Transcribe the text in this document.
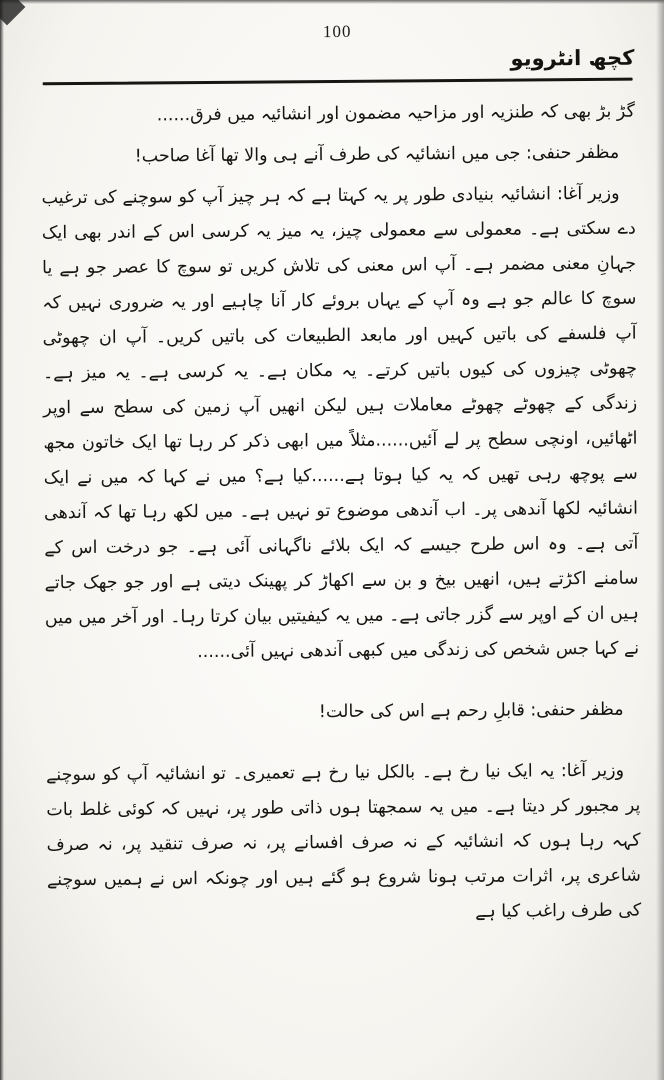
100
کچھ انٹرویو

گڑ بڑ بھی کہ طنزیہ اور مزاحیہ مضمون اور انشائیہ میں فرق......

مظفر حنفی: جی میں انشائیہ کی طرف آنے ہی والا تھا آغا صاحب!

وزیر آغا: انشائیہ بنیادی طور پر یہ کہتا ہے کہ ہر چیز آپ کو سوچنے کی ترغیب دے سکتی ہے۔ معمولی سے معمولی چیز، یہ میز یہ کرسی اس کے اندر بھی ایک جہانِ معنی مضمر ہے۔ آپ اس معنی کی تلاش کریں تو سوچ کا عصر جو ہے یا سوچ کا عالم جو ہے وہ آپ کے یہاں بروئے کار آنا چاہیے اور یہ ضروری نہیں کہ آپ فلسفے کی باتیں کہیں اور مابعد الطبیعات کی باتیں کریں۔ آپ ان چھوٹی چھوٹی چیزوں کی کیوں باتیں کرتے۔ یہ مکان ہے۔ یہ کرسی ہے۔ یہ میز ہے۔ زندگی کے چھوٹے چھوٹے معاملات ہیں لیکن انھیں آپ زمین کی سطح سے اوپر اٹھائیں، اونچی سطح پر لے آئیں......مثلاً میں ابھی ذکر کر رہا تھا ایک خاتون مجھ سے پوچھ رہی تھیں کہ یہ کیا ہوتا ہے......کیا ہے؟ میں نے کہا کہ میں نے ایک انشائیہ لکھا آندھی پر۔ اب آندھی موضوع تو نہیں ہے۔ میں لکھ رہا تھا کہ آندھی آتی ہے۔ وہ اس طرح جیسے کہ ایک بلائے ناگہانی آئی ہے۔ جو درخت اس کے سامنے اکڑتے ہیں، انھیں بیخ و بن سے اکھاڑ کر پھینک دیتی ہے اور جو جھک جاتے ہیں ان کے اوپر سے گزر جاتی ہے۔ میں یہ کیفیتیں بیان کرتا رہا۔ اور آخر میں میں نے کہا جس شخص کی زندگی میں کبھی آندھی نہیں آئی......

مظفر حنفی: قابلِ رحم ہے اس کی حالت!

وزیر آغا: یہ ایک نیا رخ ہے۔ بالکل نیا رخ ہے تعمیری۔ تو انشائیہ آپ کو سوچنے پر مجبور کر دیتا ہے۔ میں یہ سمجھتا ہوں ذاتی طور پر، نہیں کہ کوئی غلط بات کہہ رہا ہوں کہ انشائیہ کے نہ صرف افسانے پر، نہ صرف تنقید پر، نہ صرف شاعری پر، اثرات مرتب ہونا شروع ہو گئے ہیں اور چونکہ اس نے ہمیں سوچنے کی طرف راغب کیا ہے
